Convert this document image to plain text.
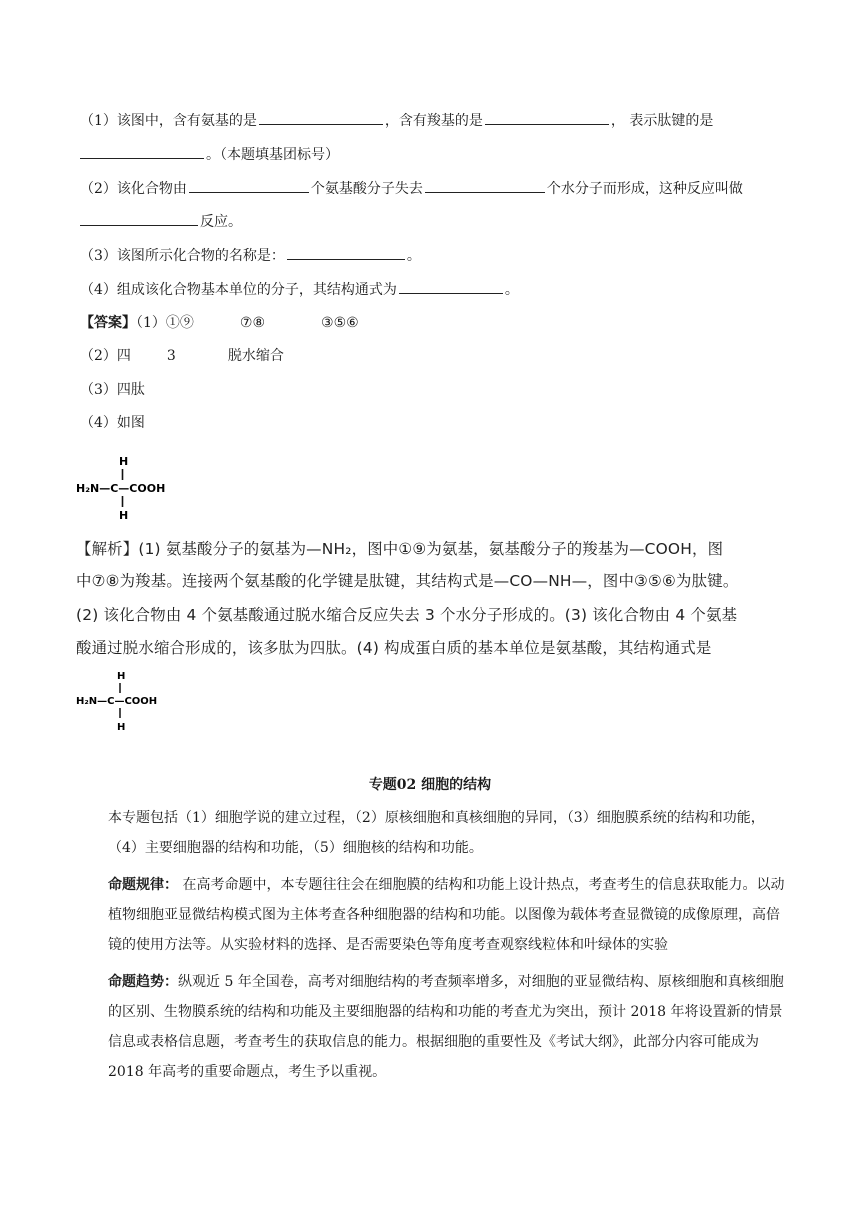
（1）该图中，含有氨基的是	，含有羧基的是	， 表示肽键的是
。（本题填基团标号）
（2）该化合物由	个氨基酸分子失去	个水分子而形成，这种反应叫做
反应。
（3）该图所示化合物的名称是：	。
（4）组成该化合物基本单位的分子，其结构通式为	。
【答案】（1）①⑨	⑦⑧	③⑤⑥
（2）四	3	脱水缩合
（3）四肽
（4）如图
H
H₂N—C—COOH
H
【解析】(1) 氨基酸分子的氨基为—NH₂，图中①⑨为氨基，氨基酸分子的羧基为—COOH，图
中⑦⑧为羧基。连接两个氨基酸的化学键是肽键，其结构式是—CO—NH—，图中③⑤⑥为肽键。
(2) 该化合物由 4 个氨基酸通过脱水缩合反应失去 3 个水分子形成的。(3) 该化合物由 4 个氨基
酸通过脱水缩合形成的，该多肽为四肽。(4) 构成蛋白质的基本单位是氨基酸，其结构通式是
H
H₂N—C—COOH
H
专题02 细胞的结构
本专题包括（1）细胞学说的建立过程，（2）原核细胞和真核细胞的异同，（3）细胞膜系统的结构和功能，（4）主要细胞器的结构和功能，（5）细胞核的结构和功能。
命题规律： 在高考命题中，本专题往往会在细胞膜的结构和功能上设计热点，考查考生的信息获取能力。以动植物细胞亚显微结构模式图为主体考查各种细胞器的结构和功能。以图像为载体考查显微镜的成像原理，高倍镜的使用方法等。从实验材料的选择、是否需要染色等角度考查观察线粒体和叶绿体的实验
命题趋势：纵观近 5 年全国卷，高考对细胞结构的考查频率增多，对细胞的亚显微结构、原核细胞和真核细胞的区别、生物膜系统的结构和功能及主要细胞器的结构和功能的考查尤为突出，预计 2018 年将设置新的情景信息或表格信息题，考查考生的获取信息的能力。根据细胞的重要性及《考试大纲》，此部分内容可能成为 2018 年高考的重要命题点，考生予以重视。
